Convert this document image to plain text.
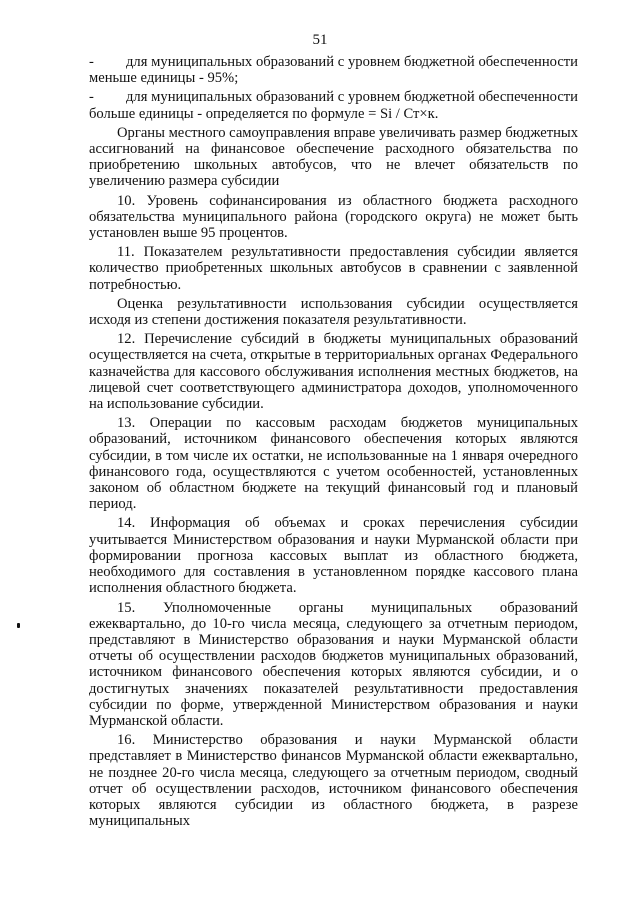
51

- для муниципальных образований с уровнем бюджетной обеспеченности меньше единицы - 95%;

- для муниципальных образований с уровнем бюджетной обеспеченности больше единицы - определяется по формуле = Si / Ст×к.

Органы местного самоуправления вправе увеличивать размер бюджетных ассигнований на финансовое обеспечение расходного обязательства по приобретению школьных автобусов, что не влечет обязательств по увеличению размера субсидии

10. Уровень софинансирования из областного бюджета расходного обязательства муниципального района (городского округа) не может быть установлен выше 95 процентов.

11. Показателем результативности предоставления субсидии является количество приобретенных школьных автобусов в сравнении с заявленной потребностью.

Оценка результативности использования субсидии осуществляется исходя из степени достижения показателя результативности.

12. Перечисление субсидий в бюджеты муниципальных образований осуществляется на счета, открытые в территориальных органах Федерального казначейства для кассового обслуживания исполнения местных бюджетов, на лицевой счет соответствующего администратора доходов, уполномоченного на использование субсидии.

13. Операции по кассовым расходам бюджетов муниципальных образований, источником финансового обеспечения которых являются субсидии, в том числе их остатки, не использованные на 1 января очередного финансового года, осуществляются с учетом особенностей, установленных законом об областном бюджете на текущий финансовый год и плановый период.

14. Информация об объемах и сроках перечисления субсидии учитывается Министерством образования и науки Мурманской области при формировании прогноза кассовых выплат из областного бюджета, необходимого для составления в установленном порядке кассового плана исполнения областного бюджета.

15. Уполномоченные органы муниципальных образований ежеквартально, до 10-го числа месяца, следующего за отчетным периодом, представляют в Министерство образования и науки Мурманской области отчеты об осуществлении расходов бюджетов муниципальных образований, источником финансового обеспечения которых являются субсидии, и о достигнутых значениях показателей результативности предоставления субсидии по форме, утвержденной Министерством образования и науки Мурманской области.

16. Министерство образования и науки Мурманской области представляет в Министерство финансов Мурманской области ежеквартально, не позднее 20-го числа месяца, следующего за отчетным периодом, сводный отчет об осуществлении расходов, источником финансового обеспечения которых являются субсидии из областного бюджета, в разрезе муниципальных
